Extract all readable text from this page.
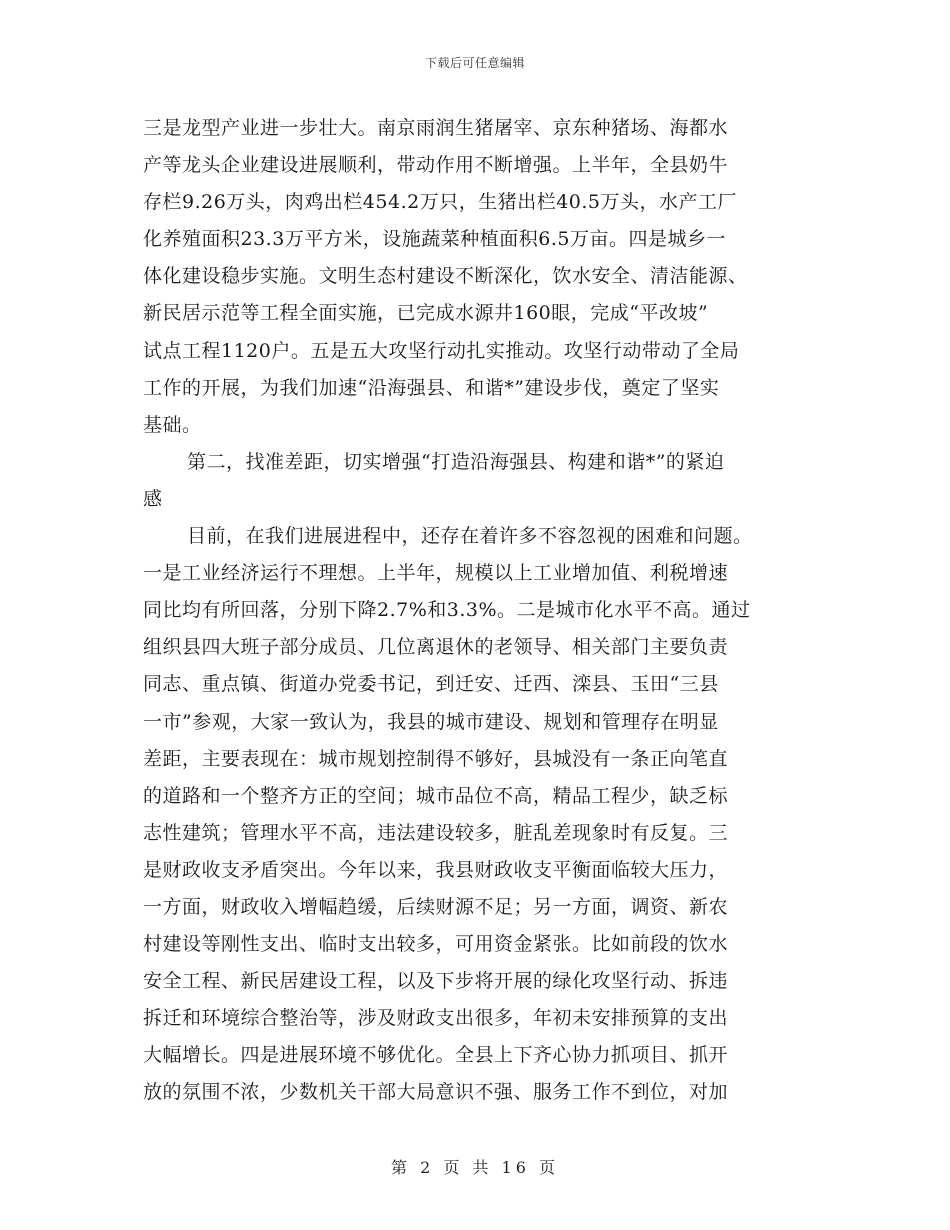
下载后可任意编辑
三是龙型产业进一步壮大。南京雨润生猪屠宰、京东种猪场、海都水
产等龙头企业建设进展顺利，带动作用不断增强。上半年，全县奶牛
存栏9.26万头，肉鸡出栏454.2万只，生猪出栏40.5万头，水产工厂
化养殖面积23.3万平方米，设施蔬菜种植面积6.5万亩。四是城乡一
体化建设稳步实施。文明生态村建设不断深化，饮水安全、清洁能源、
新民居示范等工程全面实施，已完成水源井160眼，完成“平改坡”
试点工程1120户。五是五大攻坚行动扎实推动。攻坚行动带动了全局
工作的开展，为我们加速“沿海强县、和谐*”建设步伐，奠定了坚实
基础。
第二，找准差距，切实增强“打造沿海强县、构建和谐*”的紧迫
感
目前，在我们进展进程中，还存在着许多不容忽视的困难和问题。
一是工业经济运行不理想。上半年，规模以上工业增加值、利税增速
同比均有所回落，分别下降2.7%和3.3%。二是城市化水平不高。通过
组织县四大班子部分成员、几位离退休的老领导、相关部门主要负责
同志、重点镇、街道办党委书记，到迁安、迁西、滦县、玉田“三县
一市”参观，大家一致认为，我县的城市建设、规划和管理存在明显
差距，主要表现在：城市规划控制得不够好，县城没有一条正向笔直
的道路和一个整齐方正的空间；城市品位不高，精品工程少，缺乏标
志性建筑；管理水平不高，违法建设较多，脏乱差现象时有反复。三
是财政收支矛盾突出。今年以来，我县财政收支平衡面临较大压力，
一方面，财政收入增幅趋缓，后续财源不足；另一方面，调资、新农
村建设等刚性支出、临时支出较多，可用资金紧张。比如前段的饮水
安全工程、新民居建设工程，以及下步将开展的绿化攻坚行动、拆违
拆迁和环境综合整治等，涉及财政支出很多，年初未安排预算的支出
大幅增长。四是进展环境不够优化。全县上下齐心协力抓项目、抓开
放的氛围不浓，少数机关干部大局意识不强、服务工作不到位，对加
第 2 页 共 16 页
